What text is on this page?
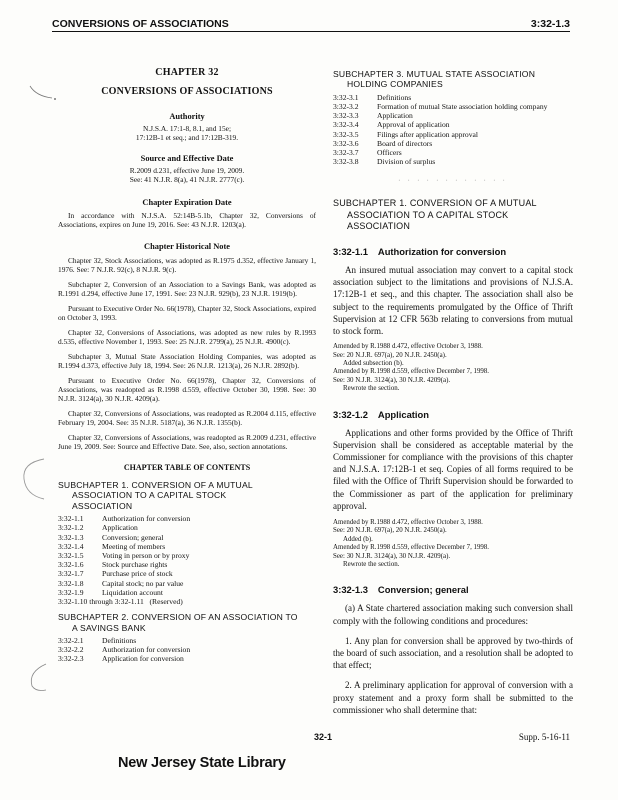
CONVERSIONS OF ASSOCIATIONS	3:32-1.3

CHAPTER 32

CONVERSIONS OF ASSOCIATIONS

Authority

N.J.S.A. 17:1-8, 8.1, and 15e;

17:12B-1 et seq.; and 17:12B-319.

Source and Effective Date

R.2009 d.231, effective June 19, 2009.

See: 41 N.J.R. 8(a), 41 N.J.R. 2777(c).

Chapter Expiration Date

In accordance with N.J.S.A. 52:14B-5.1b, Chapter 32, Conversions of Associations, expires on June 19, 2016. See: 43 N.J.R. 1203(a).

Chapter Historical Note

Chapter 32, Stock Associations, was adopted as R.1975 d.352, effective January 1, 1976. See: 7 N.J.R. 92(c), 8 N.J.R. 9(c).

Subchapter 2, Conversion of an Association to a Savings Bank, was adopted as R.1991 d.294, effective June 17, 1991. See: 23 N.J.R. 929(b), 23 N.J.R. 1919(b).

Pursuant to Executive Order No. 66(1978), Chapter 32, Stock Associations, expired on October 3, 1993.

Chapter 32, Conversions of Associations, was adopted as new rules by R.1993 d.535, effective November 1, 1993. See: 25 N.J.R. 2799(a), 25 N.J.R. 4900(c).

Subchapter 3, Mutual State Association Holding Companies, was adopted as R.1994 d.373, effective July 18, 1994. See: 26 N.J.R. 1213(a), 26 N.J.R. 2892(b).

Pursuant to Executive Order No. 66(1978), Chapter 32, Conversions of Associations, was readopted as R.1998 d.559, effective October 30, 1998. See: 30 N.J.R. 3124(a), 30 N.J.R. 4209(a).

Chapter 32, Conversions of Associations, was readopted as R.2004 d.115, effective February 19, 2004. See: 35 N.J.R. 5187(a), 36 N.J.R. 1355(b).

Chapter 32, Conversions of Associations, was readopted as R.2009 d.231, effective June 19, 2009. See: Source and Effective Date. See, also, section annotations.

CHAPTER TABLE OF CONTENTS

SUBCHAPTER 1. CONVERSION OF A MUTUAL
ASSOCIATION TO A CAPITAL STOCK
ASSOCIATION
3:32-1.1	Authorization for conversion
3:32-1.2	Application
3:32-1.3	Conversion; general
3:32-1.4	Meeting of members
3:32-1.5	Voting in person or by proxy
3:32-1.6	Stock purchase rights
3:32-1.7	Purchase price of stock
3:32-1.8	Capital stock; no par value
3:32-1.9	Liquidation account

3:32-1.10 through 3:32-1.11 (Reserved)

SUBCHAPTER 2. CONVERSION OF AN ASSOCIATION TO
A SAVINGS BANK
3:32-2.1	Definitions
3:32-2.2	Authorization for conversion
3:32-2.3	Application for conversion
SUBCHAPTER 3. MUTUAL STATE ASSOCIATION
HOLDING COMPANIES
3:32-3.1	Definitions
3:32-3.2	Formation of mutual State association holding company
3:32-3.3	Application
3:32-3.4	Approval of application
3:32-3.5	Filings after application approval
3:32-3.6	Board of directors
3:32-3.7	Officers
3:32-3.8	Division of surplus
· · · · · · · · · · · ·
SUBCHAPTER 1. CONVERSION OF A MUTUAL
ASSOCIATION TO A CAPITAL STOCK
ASSOCIATION
3:32-1.1 Authorization for conversion

An insured mutual association may convert to a capital stock association subject to the limitations and provisions of N.J.S.A. 17:12B-1 et seq., and this chapter. The association shall also be subject to the requirements promulgated by the Office of Thrift Supervision at 12 CFR 563b relating to conversions from mutual to stock form.

Amended by R.1988 d.472, effective October 3, 1988.
See: 20 N.J.R. 697(a), 20 N.J.R. 2450(a).
Added subsection (b).
Amended by R.1998 d.559, effective December 7, 1998.
See: 30 N.J.R. 3124(a), 30 N.J.R. 4209(a).
Rewrote the section.
3:32-1.2 Application

Applications and other forms provided by the Office of Thrift Supervision shall be considered as acceptable material by the Commissioner for compliance with the provisions of this chapter and N.J.S.A. 17:12B-1 et seq. Copies of all forms required to be filed with the Office of Thrift Supervision should be forwarded to the Commissioner as part of the application for preliminary approval.

Amended by R.1988 d.472, effective October 3, 1988.
See: 20 N.J.R. 697(a), 20 N.J.R. 2450(a).
Added (b).
Amended by R.1998 d.559, effective December 7, 1998.
See: 30 N.J.R. 3124(a), 30 N.J.R. 4209(a).
Rewrote the section.
3:32-1.3 Conversion; general

(a) A State chartered association making such conversion shall comply with the following conditions and procedures:

1. Any plan for conversion shall be approved by two-thirds of the board of such association, and a resolution shall be adopted to that effect;

2. A preliminary application for approval of conversion with a proxy statement and a proxy form shall be submitted to the commissioner who shall determine that:

32-1	Supp. 5-16-11
New Jersey State Library
